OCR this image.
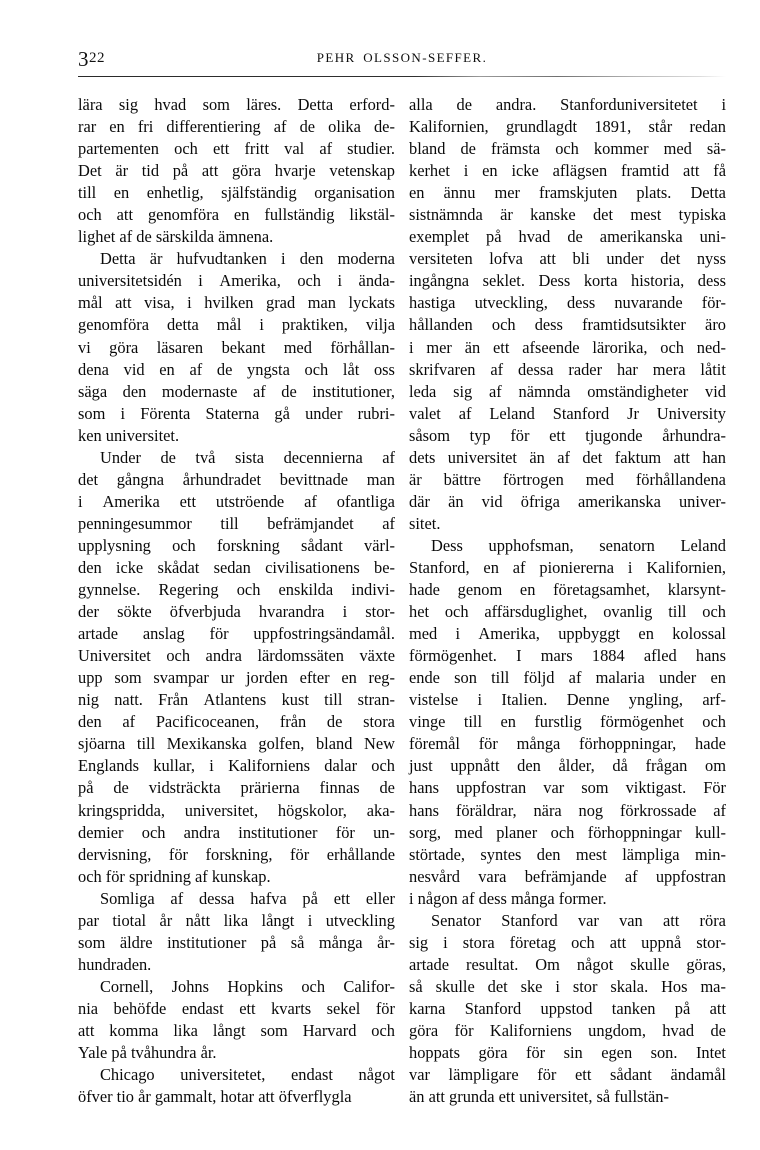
322	PEHR OLSSON-SEFFER.

lära sig hvad som läres. Detta erford-
rar en fri differentiering af de olika de-
partementen och ett fritt val af studier.
Det är tid på att göra hvarje vetenskap
till en enhetlig, själfständig organisation
och att genomföra en fullständig likstäl-
lighet af de särskilda ämnena.

Detta är hufvudtanken i den moderna
universitetsidén i Amerika, och i ända-
mål att visa, i hvilken grad man lyckats
genomföra detta mål i praktiken, vilja
vi göra läsaren bekant med förhållan-
dena vid en af de yngsta och låt oss
säga den modernaste af de institutioner,
som i Förenta Staterna gå under rubri-
ken universitet.

Under de två sista decennierna af
det gångna århundradet bevittnade man
i Amerika ett utströende af ofantliga
penningesummor till befrämjandet af
upplysning och forskning sådant värl-
den icke skådat sedan civilisationens be-
gynnelse. Regering och enskilda indivi-
der sökte öfverbjuda hvarandra i stor-
artade anslag för uppfostringsändamål.
Universitet och andra lärdomssäten växte
upp som svampar ur jorden efter en reg-
nig natt. Från Atlantens kust till stran-
den af Pacificoceanen, från de stora
sjöarna till Mexikanska golfen, bland New
Englands kullar, i Kaliforniens dalar och
på de vidsträckta prärierna finnas de
kringspridda, universitet, högskolor, aka-
demier och andra institutioner för un-
dervisning, för forskning, för erhållande
och för spridning af kunskap.

Somliga af dessa hafva på ett eller
par tiotal år nått lika långt i utveckling
som äldre institutioner på så många år-
hundraden.

Cornell, Johns Hopkins och Califor-
nia behöfde endast ett kvarts sekel för
att komma lika långt som Harvard och
Yale på tvåhundra år.

Chicago universitetet, endast något
öfver tio år gammalt, hotar att öfverflygla

alla de andra. Stanforduniversitetet i
Kalifornien, grundlagdt 1891, står redan
bland de främsta och kommer med sä-
kerhet i en icke aflägsen framtid att få
en ännu mer framskjuten plats. Detta
sistnämnda är kanske det mest typiska
exemplet på hvad de amerikanska uni-
versiteten lofva att bli under det nyss
ingångna seklet. Dess korta historia, dess
hastiga utveckling, dess nuvarande för-
hållanden och dess framtidsutsikter äro
i mer än ett afseende lärorika, och ned-
skrifvaren af dessa rader har mera låtit
leda sig af nämnda omständigheter vid
valet af Leland Stanford Jr University
såsom typ för ett tjugonde århundra-
dets universitet än af det faktum att han
är bättre förtrogen med förhållandena
där än vid öfriga amerikanska univer-
sitet.

Dess upphofsman, senatorn Leland
Stanford, en af pioniererna i Kalifornien,
hade genom en företagsamhet, klarsynt-
het och affärsduglighet, ovanlig till och
med i Amerika, uppbyggt en kolossal
förmögenhet. I mars 1884 afled hans
ende son till följd af malaria under en
vistelse i Italien. Denne yngling, arf-
vinge till en furstlig förmögenhet och
föremål för många förhoppningar, hade
just uppnått den ålder, då frågan om
hans uppfostran var som viktigast. För
hans föräldrar, nära nog förkrossade af
sorg, med planer och förhoppningar kull-
störtade, syntes den mest lämpliga min-
nesvård vara befrämjande af uppfostran
i någon af dess många former.

Senator Stanford var van att röra
sig i stora företag och att uppnå stor-
artade resultat. Om något skulle göras,
så skulle det ske i stor skala. Hos ma-
karna Stanford uppstod tanken på att
göra för Kaliforniens ungdom, hvad de
hoppats göra för sin egen son. Intet
var lämpligare för ett sådant ändamål
än att grunda ett universitet, så fullstän-
